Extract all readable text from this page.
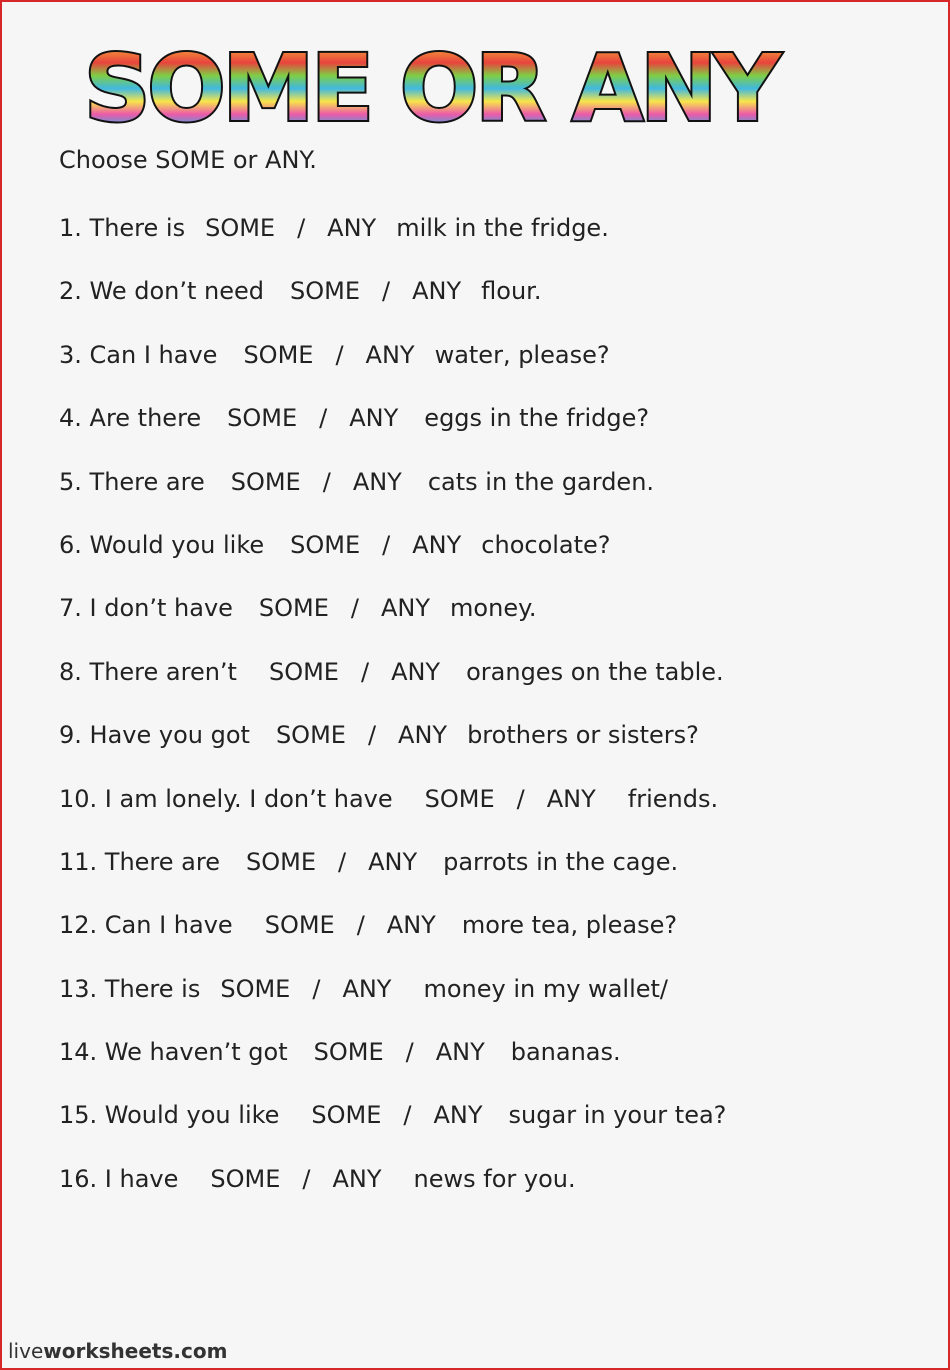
SOME OR ANY
Choose SOME or ANY.
1. There is SOME / ANY milk in the fridge.
2. We don’t need SOME / ANY flour.
3. Can I have SOME / ANY water, please?
4. Are there SOME / ANY eggs in the fridge?
5. There are SOME / ANY cats in the garden.
6. Would you like SOME / ANY chocolate?
7. I don’t have SOME / ANY money.
8. There aren’t SOME / ANY oranges on the table.
9. Have you got SOME / ANY brothers or sisters?
10. I am lonely. I don’t have SOME / ANY friends.
11. There are SOME / ANY parrots in the cage.
12. Can I have SOME / ANY more tea, please?
13. There is SOME / ANY money in my wallet/
14. We haven’t got SOME / ANY bananas.
15. Would you like SOME / ANY sugar in your tea?
16. I have SOME / ANY news for you.
liveworksheets.com
